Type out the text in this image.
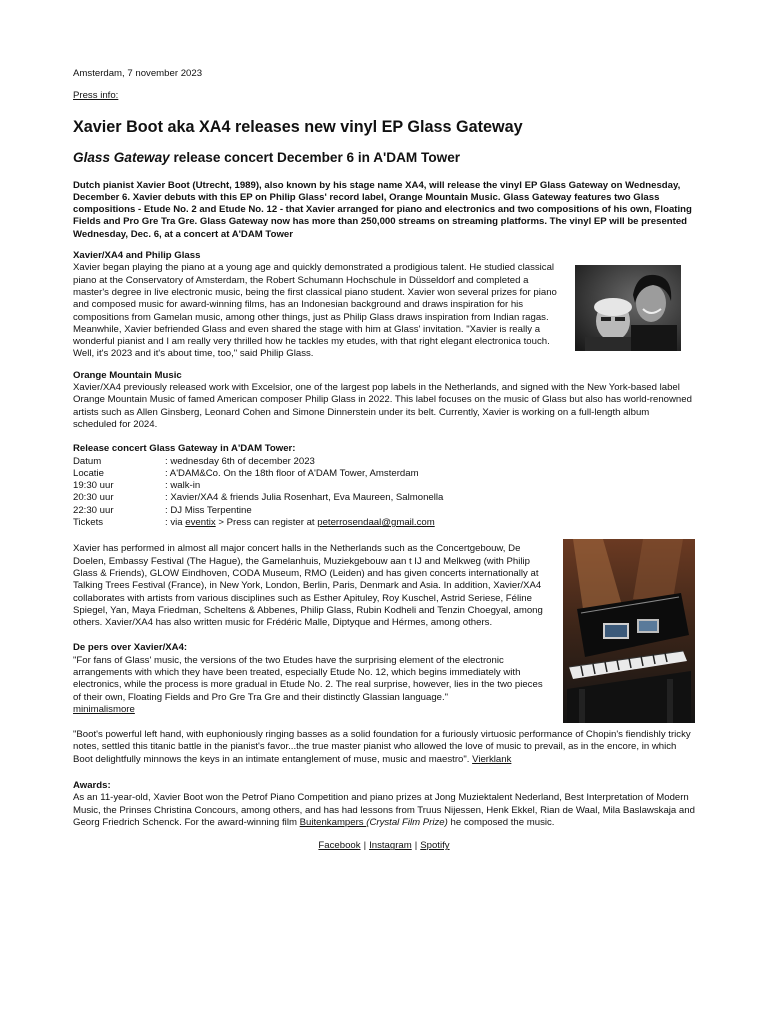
Amsterdam, 7 november 2023

Press info:

Xavier Boot aka XA4 releases new vinyl EP Glass Gateway
Glass Gateway release concert December 6 in A'DAM Tower

Dutch pianist Xavier Boot (Utrecht, 1989), also known by his stage name XA4, will release the vinyl EP Glass Gateway on Wednesday, December 6. Xavier debuts with this EP on Philip Glass' record label, Orange Mountain Music. Glass Gateway features two Glass compositions - Etude No. 2 and Etude No. 12 - that Xavier arranged for piano and electronics and two compositions of his own, Floating Fields and Pro Gre Tra Gre. Glass Gateway now has more than 250,000 streams on streaming platforms. The vinyl EP will be presented Wednesday, Dec. 6, at a concert at A'DAM Tower

Xavier/XA4 and Philip Glass

Xavier began playing the piano at a young age and quickly demonstrated a prodigious talent. He studied classical piano at the Conservatory of Amsterdam, the Robert Schumann Hochschule in Düsseldorf and completed a master's degree in live electronic music, being the first classical piano student. Xavier won several prizes for piano and composed music for award-winning films, has an Indonesian background and draws inspiration for his compositions from Gamelan music, among other things, just as Philip Glass draws inspiration from Indian ragas. Meanwhile, Xavier befriended Glass and even shared the stage with him at Glass' invitation. "Xavier is really a wonderful pianist and I am really very thrilled how he tackles my etudes, with that right elegant electronica touch. Well, it's 2023 and it's about time, too," said Philip Glass.

Orange Mountain Music

Xavier/XA4 previously released work with Excelsior, one of the largest pop labels in the Netherlands, and signed with the New York-based label Orange Mountain Music of famed American composer Philip Glass in 2022. This label focuses on the music of Glass but also has world-renowned artists such as Allen Ginsberg, Leonard Cohen and Simone Dinnerstein under its belt. Currently, Xavier is working on a full-length album scheduled for 2024.

Release concert Glass Gateway in A'DAM Tower:

Datum	: wednesday 6th of december 2023
Locatie	: A'DAM&Co. On the 18th floor of A'DAM Tower, Amsterdam
19:30 uur	: walk-in
20:30 uur	: Xavier/XA4 & friends Julia Rosenhart, Eva Maureen, Salmonella
22:30 uur	: DJ Miss Terpentine
Tickets	: via eventix > Press can register at peterrosendaal@gmail.com

Xavier has performed in almost all major concert halls in the Netherlands such as the Concertgebouw, De Doelen, Embassy Festival (The Hague), the Gamelanhuis, Muziekgebouw aan t IJ and Melkweg (with Philip Glass & Friends), GLOW Eindhoven, CODA Museum, RMO (Leiden) and has given concerts internationally at Talking Trees Festival (France), in New York, London, Berlin, Paris, Denmark and Asia. In addition, Xavier/XA4 collaborates with artists from various disciplines such as Esther Apituley, Roy Kuschel, Astrid Seriese, Féline Spiegel, Yan, Maya Friedman, Scheltens & Abbenes, Philip Glass, Rubin Kodheli and Tenzin Choegyal, among others. Xavier/XA4 has also written music for Frédéric Malle, Diptyque and Hérmes, among others.

De pers over Xavier/XA4:

"For fans of Glass' music, the versions of the two Etudes have the surprising element of the electronic arrangements with which they have been treated, especially Etude No. 12, which begins immediately with electronics, while the process is more gradual in Etude No. 2. The real surprise, however, lies in the two pieces of their own, Floating Fields and Pro Gre Tra Gre and their distinctly Glassian language."
minimalismore

"Boot's powerful left hand, with euphoniously ringing basses as a solid foundation for a furiously virtuosic performance of Chopin's fiendishly tricky notes, settled this titanic battle in the pianist's favor...the true master pianist who allowed the love of music to prevail, as in the encore, in which Boot delightfully minnows the keys in an intimate entanglement of muse, music and maestro". Vierklank

Awards:

As an 11-year-old, Xavier Boot won the Petrof Piano Competition and piano prizes at Jong Muziektalent Nederland, Best Interpretation of Modern Music, the Prinses Christina Concours, among others, and has had lessons from Truus Nijessen, Henk Ekkel, Rian de Waal, Mila Baslawskaja and Georg Friedrich Schenck. For the award-winning film Buitenkampers (Crystal Film Prize) he composed the music.

Facebook | Instagram | Spotify
